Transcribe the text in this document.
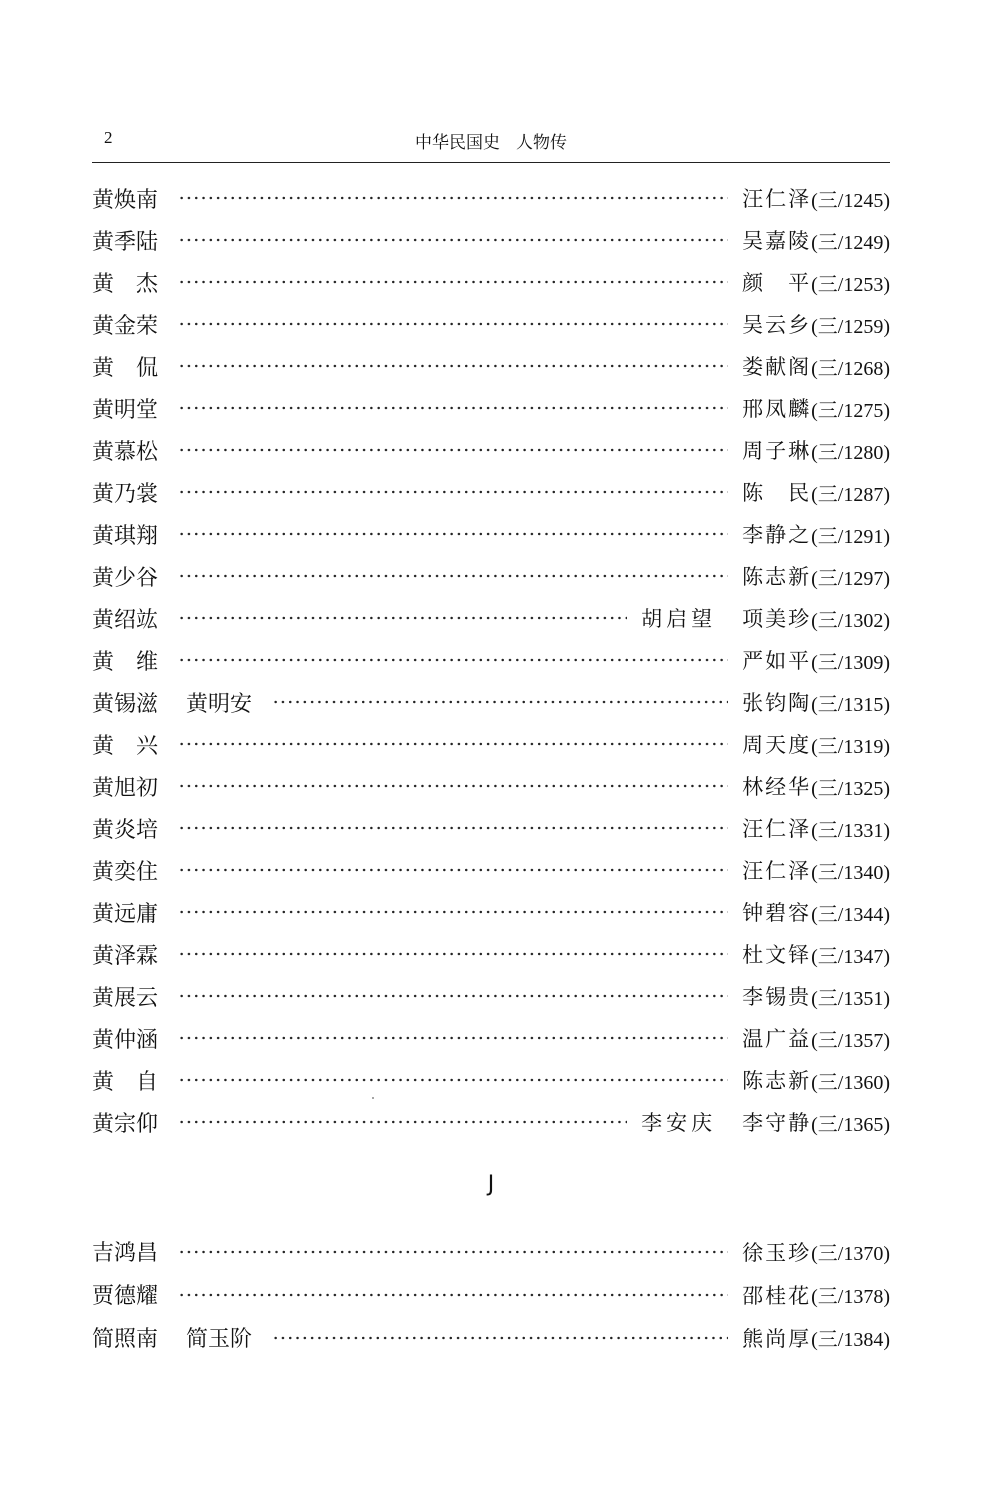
2	中华民国史 人物传
黄焕南	汪仁泽 (三/1245)
黄季陆	吴嘉陵 (三/1249)
黄　杰	颜　平 (三/1253)
黄金荣	吴云乡 (三/1259)
黄　侃	娄献阁 (三/1268)
黄明堂	邢凤麟 (三/1275)
黄慕松	周子琳 (三/1280)
黄乃裳	陈　民 (三/1287)
黄琪翔	李静之 (三/1291)
黄少谷	陈志新 (三/1297)
黄绍竑	胡启望 项美珍 (三/1302)
黄　维	严如平 (三/1309)
黄锡滋 黄明安	张钧陶 (三/1315)
黄　兴	周天度 (三/1319)
黄旭初	林经华 (三/1325)
黄炎培	汪仁泽 (三/1331)
黄奕住	汪仁泽 (三/1340)
黄远庸	钟碧容 (三/1344)
黄泽霖	杜文铎 (三/1347)
黄展云	李锡贵 (三/1351)
黄仲涵	温广益 (三/1357)
黄　自	陈志新 (三/1360)
黄宗仰	李安庆 李守静 (三/1365)
J
吉鸿昌	徐玉珍 (三/1370)
贾德耀	邵桂花 (三/1378)
简照南 简玉阶	熊尚厚 (三/1384)
